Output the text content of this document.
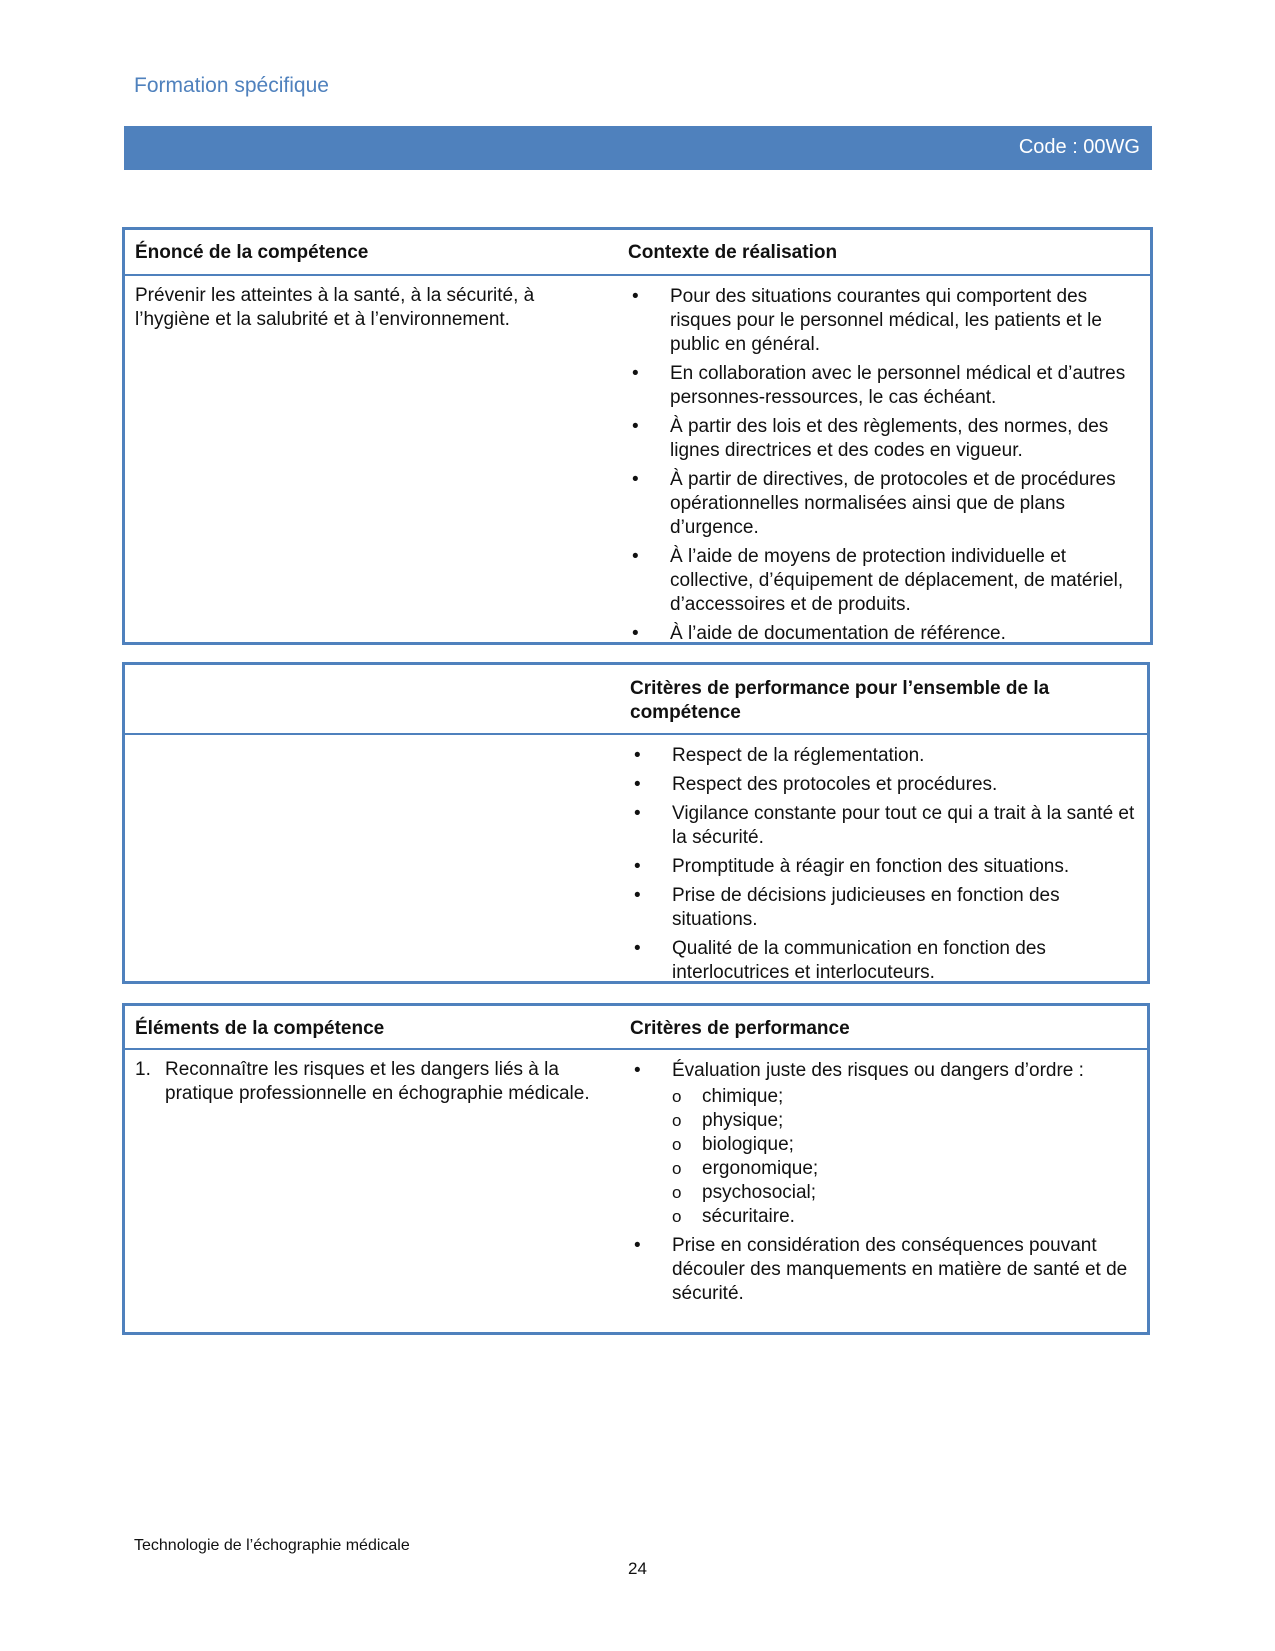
Formation spécifique
Code : 00WG
Énoncé de la compétence	Contexte de réalisation
Prévenir les atteintes à la santé, à la sécurité, à l’hygiène et la salubrité et à l’environnement.
• Pour des situations courantes qui comportent des risques pour le personnel médical, les patients et le public en général.
• En collaboration avec le personnel médical et d’autres personnes-ressources, le cas échéant.
• À partir des lois et des règlements, des normes, des lignes directrices et des codes en vigueur.
• À partir de directives, de protocoles et de procédures opérationnelles normalisées ainsi que de plans d’urgence.
• À l’aide de moyens de protection individuelle et collective, d’équipement de déplacement, de matériel, d’accessoires et de produits.
• À l’aide de documentation de référence.
Critères de performance pour l’ensemble de la compétence
• Respect de la réglementation.
• Respect des protocoles et procédures.
• Vigilance constante pour tout ce qui a trait à la santé et la sécurité.
• Promptitude à réagir en fonction des situations.
• Prise de décisions judicieuses en fonction des situations.
• Qualité de la communication en fonction des interlocutrices et interlocuteurs.
Éléments de la compétence	Critères de performance
1. Reconnaître les risques et les dangers liés à la pratique professionnelle en échographie médicale.
• Évaluation juste des risques ou dangers d’ordre :
o chimique;
o physique;
o biologique;
o ergonomique;
o psychosocial;
o sécuritaire.
• Prise en considération des conséquences pouvant découler des manquements en matière de santé et de sécurité.
Technologie de l’échographie médicale
24
